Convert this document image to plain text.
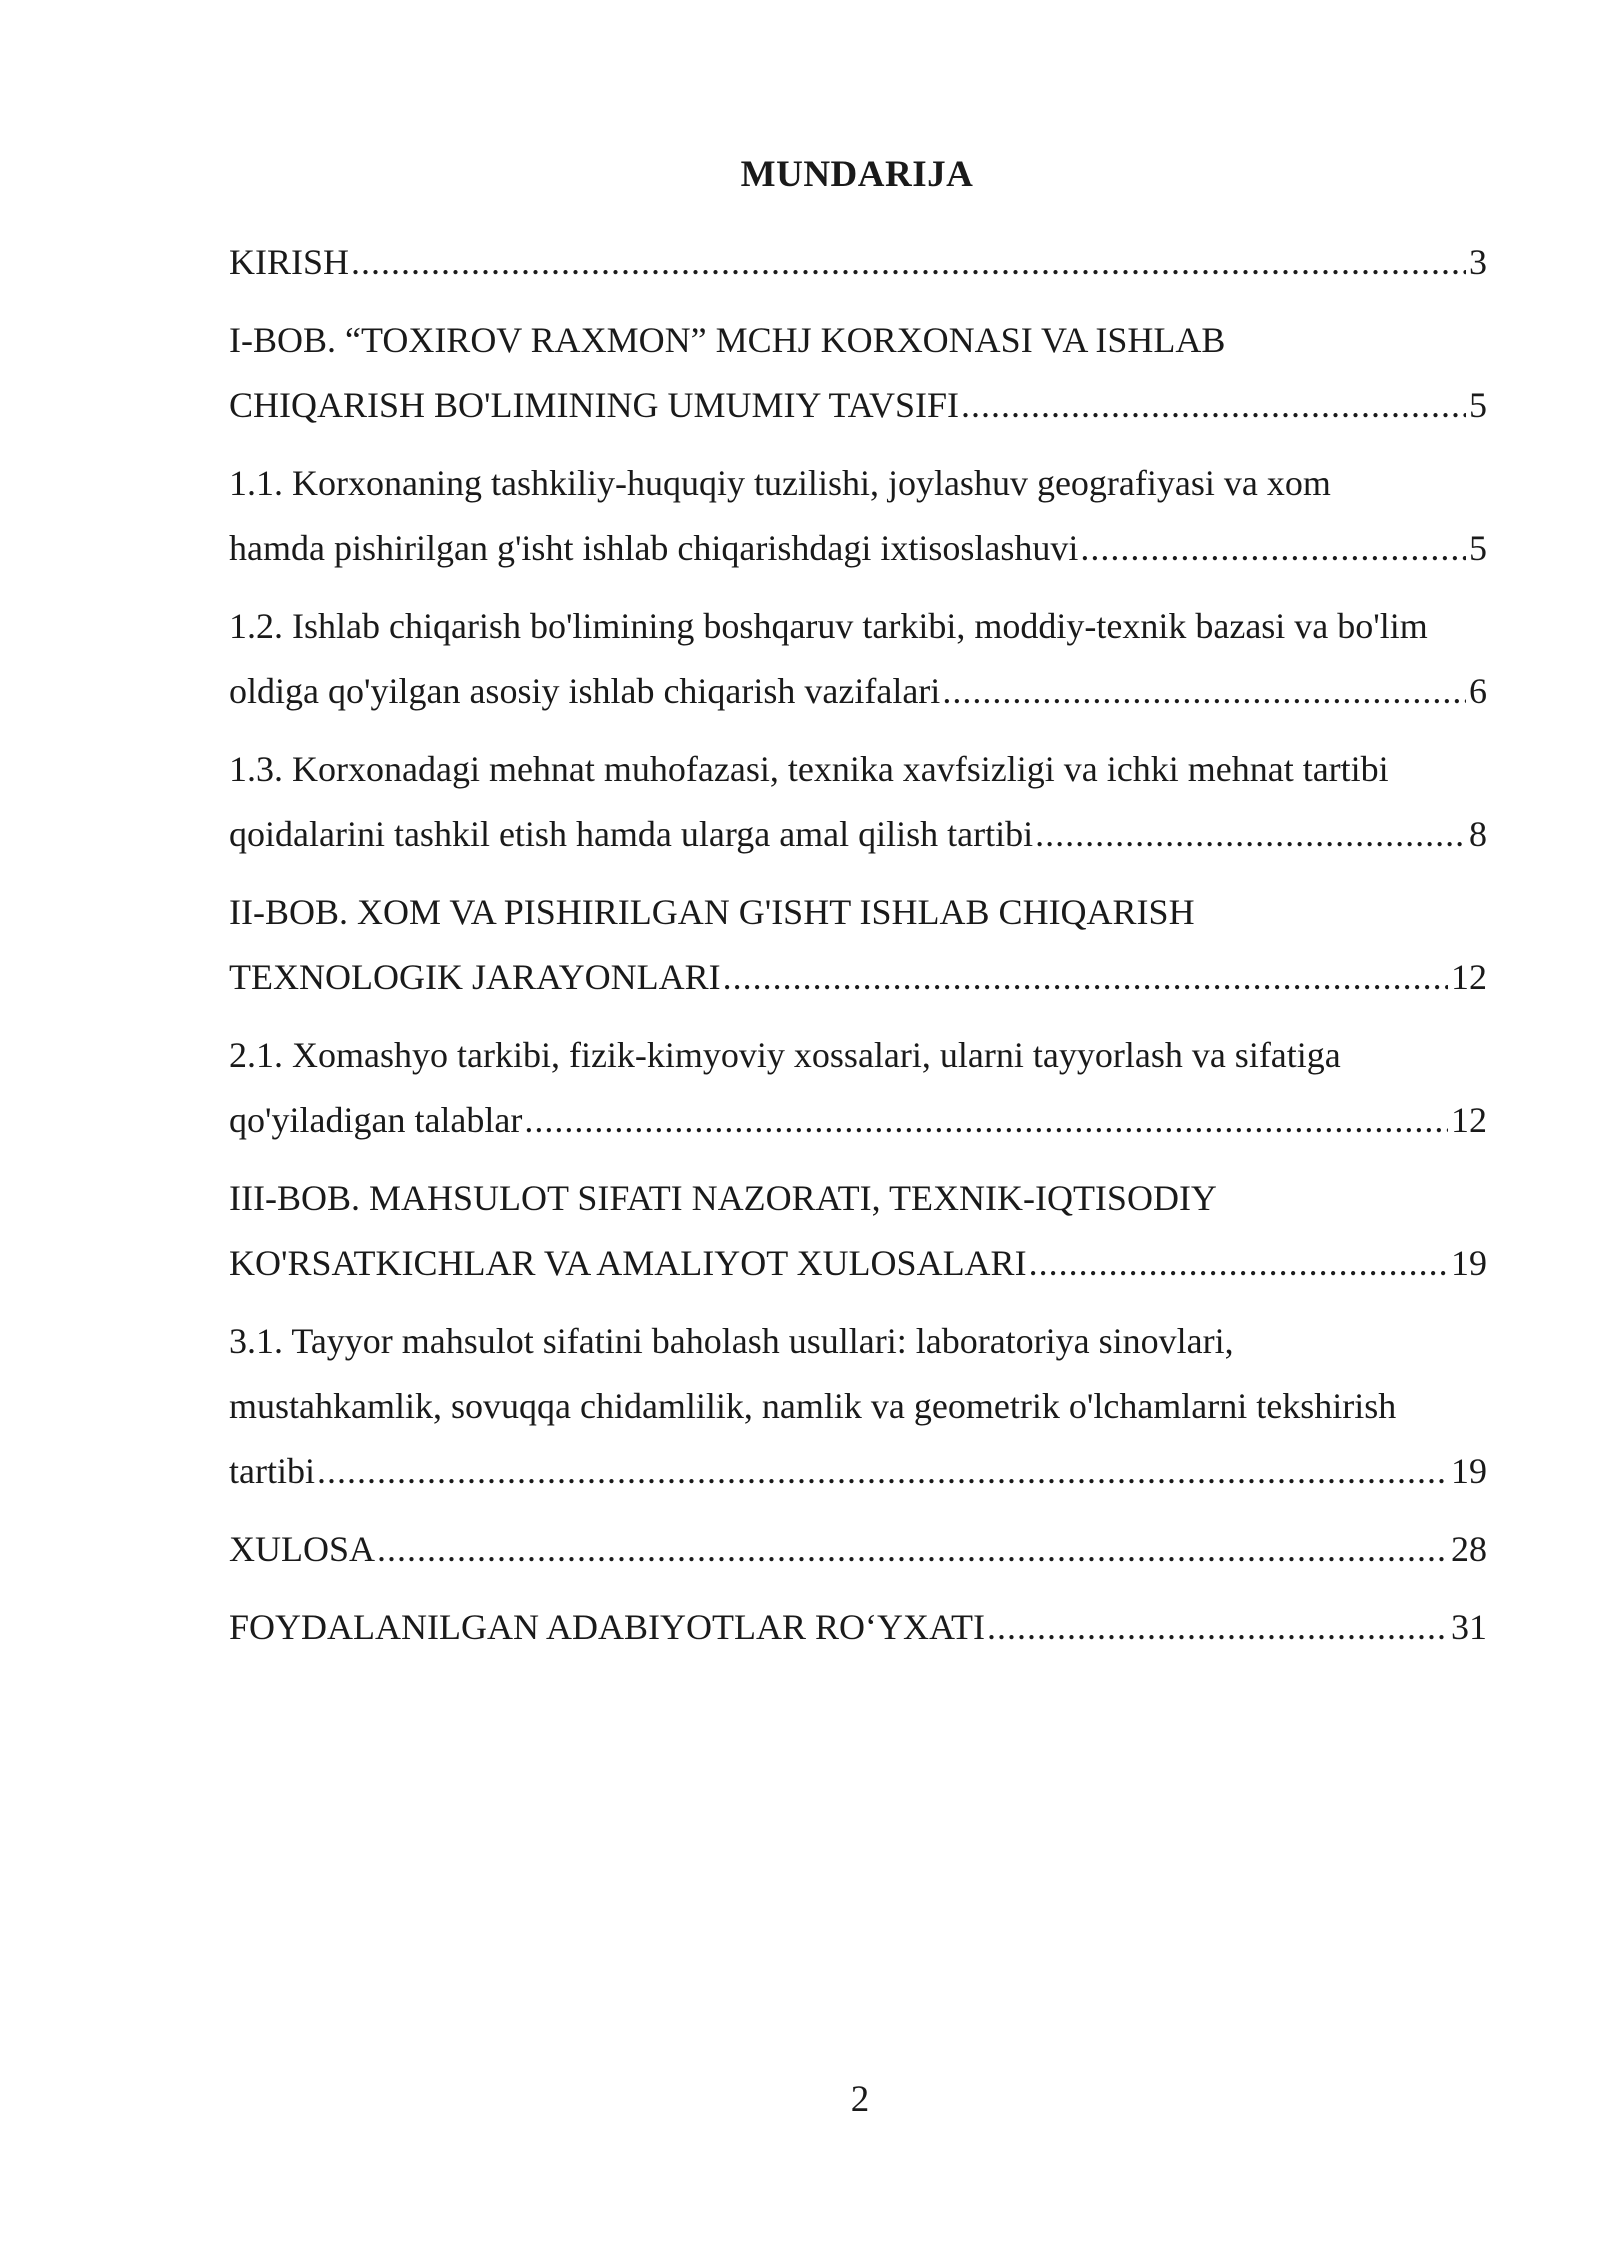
MUNDARIJA
KIRISH .....	3
I-BOB. “TOXIROV RAXMON” MCHJ KORXONASI VA ISHLAB
CHIQARISH BO'LIMINING UMUMIY TAVSIFI .....	5
1.1. Korxonaning tashkiliy-huquqiy tuzilishi, joylashuv geografiyasi va xom
hamda pishirilgan g'isht ishlab chiqarishdagi ixtisoslashuvi .....	5
1.2. Ishlab chiqarish bo'limining boshqaruv tarkibi, moddiy-texnik bazasi va bo'lim
oldiga qo'yilgan asosiy ishlab chiqarish vazifalari .....	6
1.3. Korxonadagi mehnat muhofazasi, texnika xavfsizligi va ichki mehnat tartibi
qoidalarini tashkil etish hamda ularga amal qilish tartibi .....	8
II-BOB. XOM VA PISHIRILGAN G'ISHT ISHLAB CHIQARISH
TEXNOLOGIK JARAYONLARI .....	12
2.1. Xomashyo tarkibi, fizik-kimyoviy xossalari, ularni tayyorlash va sifatiga
qo'yiladigan talablar .....	12
III-BOB. MAHSULOT SIFATI NAZORATI, TEXNIK-IQTISODIY
KO'RSATKICHLAR VA AMALIYOT XULOSALARI .....	19
3.1. Tayyor mahsulot sifatini baholash usullari: laboratoriya sinovlari,
mustahkamlik, sovuqqa chidamlilik, namlik va geometrik o'lchamlarni tekshirish
tartibi .....	19
XULOSA .....	28
FOYDALANILGAN ADABIYOTLAR RO‘YXATI .....	31
2
